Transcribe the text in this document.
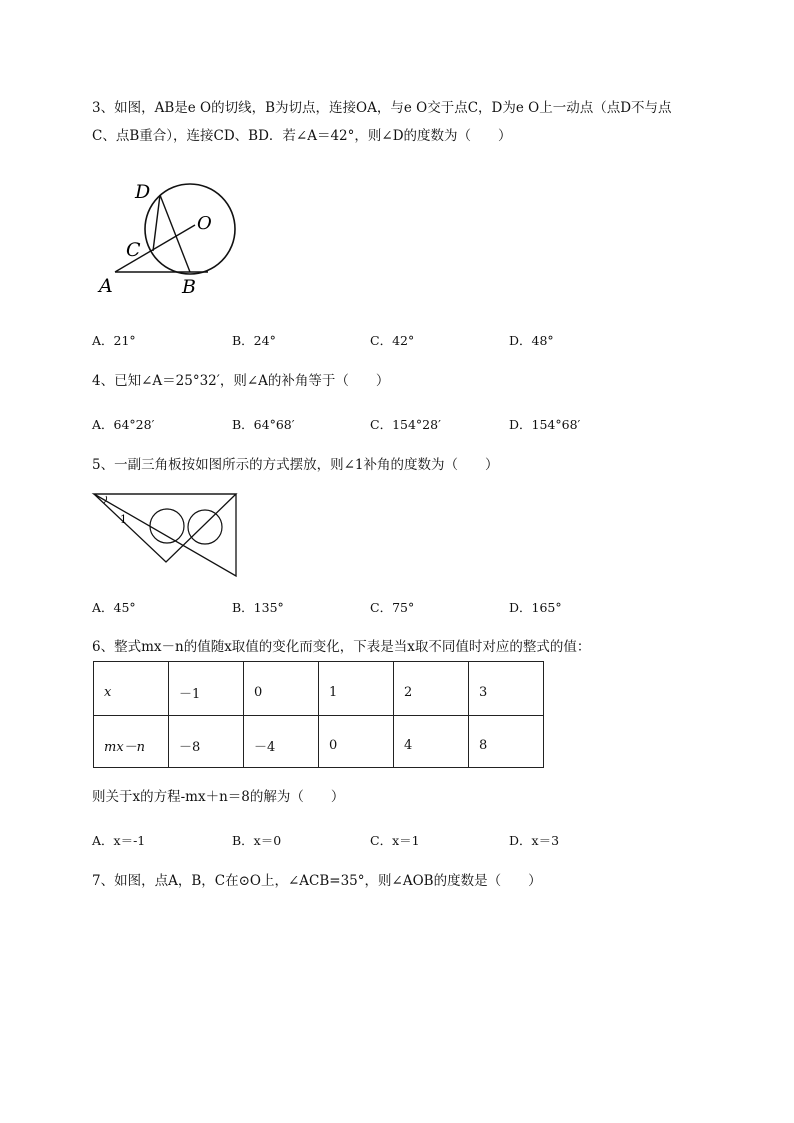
3、如图，AB是e O的切线，B为切点，连接OA，与e O交于点C，D为e O上一动点（点D不与点
C、点B重合），连接CD、BD．若∠A＝42°，则∠D的度数为（　　）
D
O
C
A	B
A．21°	B．24°	C．42°	D．48°
4、已知∠A＝25°32′，则∠A的补角等于（　　）
A．64°28′	B．64°68′	C．154°28′	D．154°68′
5、一副三角板按如图所示的方式摆放，则∠1补角的度数为（　　）
1
A．45°	B．135°	C．75°	D．165°
6、整式mx－n的值随x取值的变化而变化，下表是当x取不同值时对应的整式的值：
x	－1	0	1	2	3
mx－n	－8	－4	0	4	8
则关于x的方程-mx＋n＝8的解为（　　）
A．x＝-1	B．x＝0	C．x＝1	D．x＝3
7、如图，点A，B，C在⊙O上，∠ACB=35°，则∠AOB的度数是（　　）
